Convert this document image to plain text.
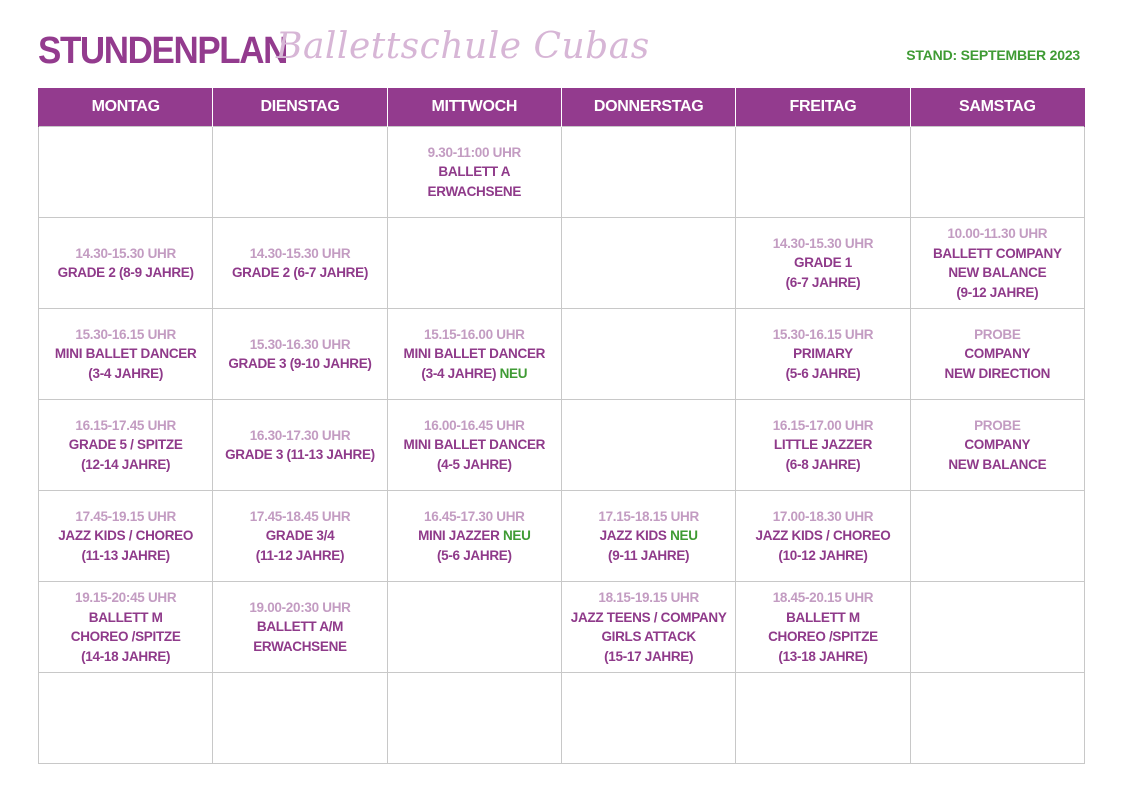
STUNDENPLAN
Ballettschule Cubas	STAND: SEPTEMBER 2023
MONTAG	DIENSTAG	MITTWOCH	DONNERSTAG	FREITAG	SAMSTAG

		9.30-11:00 UHR
BALLETT A
ERWACHSENE			

14.30-15.30 UHR
GRADE 2 (8-9 JAHRE)	14.30-15.30 UHR
GRADE 2 (6-7 JAHRE)			14.30-15.30 UHR
GRADE 1
(6-7 JAHRE)	10.00-11.30 UHR
BALLETT COMPANY
NEW BALANCE
(9-12 JAHRE)

15.30-16.15 UHR
MINI BALLET DANCER
(3-4 JAHRE)	15.30-16.30 UHR
GRADE 3 (9-10 JAHRE)	15.15-16.00 UHR
MINI BALLET DANCER
(3-4 JAHRE) NEU		15.30-16.15 UHR
PRIMARY
(5-6 JAHRE)	PROBE
COMPANY
NEW DIRECTION

16.15-17.45 UHR
GRADE 5 / SPITZE
(12-14 JAHRE)	16.30-17.30 UHR
GRADE 3 (11-13 JAHRE)	16.00-16.45 UHR
MINI BALLET DANCER
(4-5 JAHRE)		16.15-17.00 UHR
LITTLE JAZZER
(6-8 JAHRE)	PROBE
COMPANY
NEW BALANCE

17.45-19.15 UHR
JAZZ KIDS / CHOREO
(11-13 JAHRE)	17.45-18.45 UHR
GRADE 3/4
(11-12 JAHRE)	16.45-17.30 UHR
MINI JAZZER NEU
(5-6 JAHRE)	17.15-18.15 UHR
JAZZ KIDS NEU
(9-11 JAHRE)	17.00-18.30 UHR
JAZZ KIDS / CHOREO
(10-12 JAHRE)	

19.15-20:45 UHR
BALLETT M
CHOREO /SPITZE
(14-18 JAHRE)	19.00-20:30 UHR
BALLETT A/M
ERWACHSENE		18.15-19.15 UHR
JAZZ TEENS / COMPANY
GIRLS ATTACK
(15-17 JAHRE)	18.45-20.15 UHR
BALLETT M
CHOREO /SPITZE
(13-18 JAHRE)	
